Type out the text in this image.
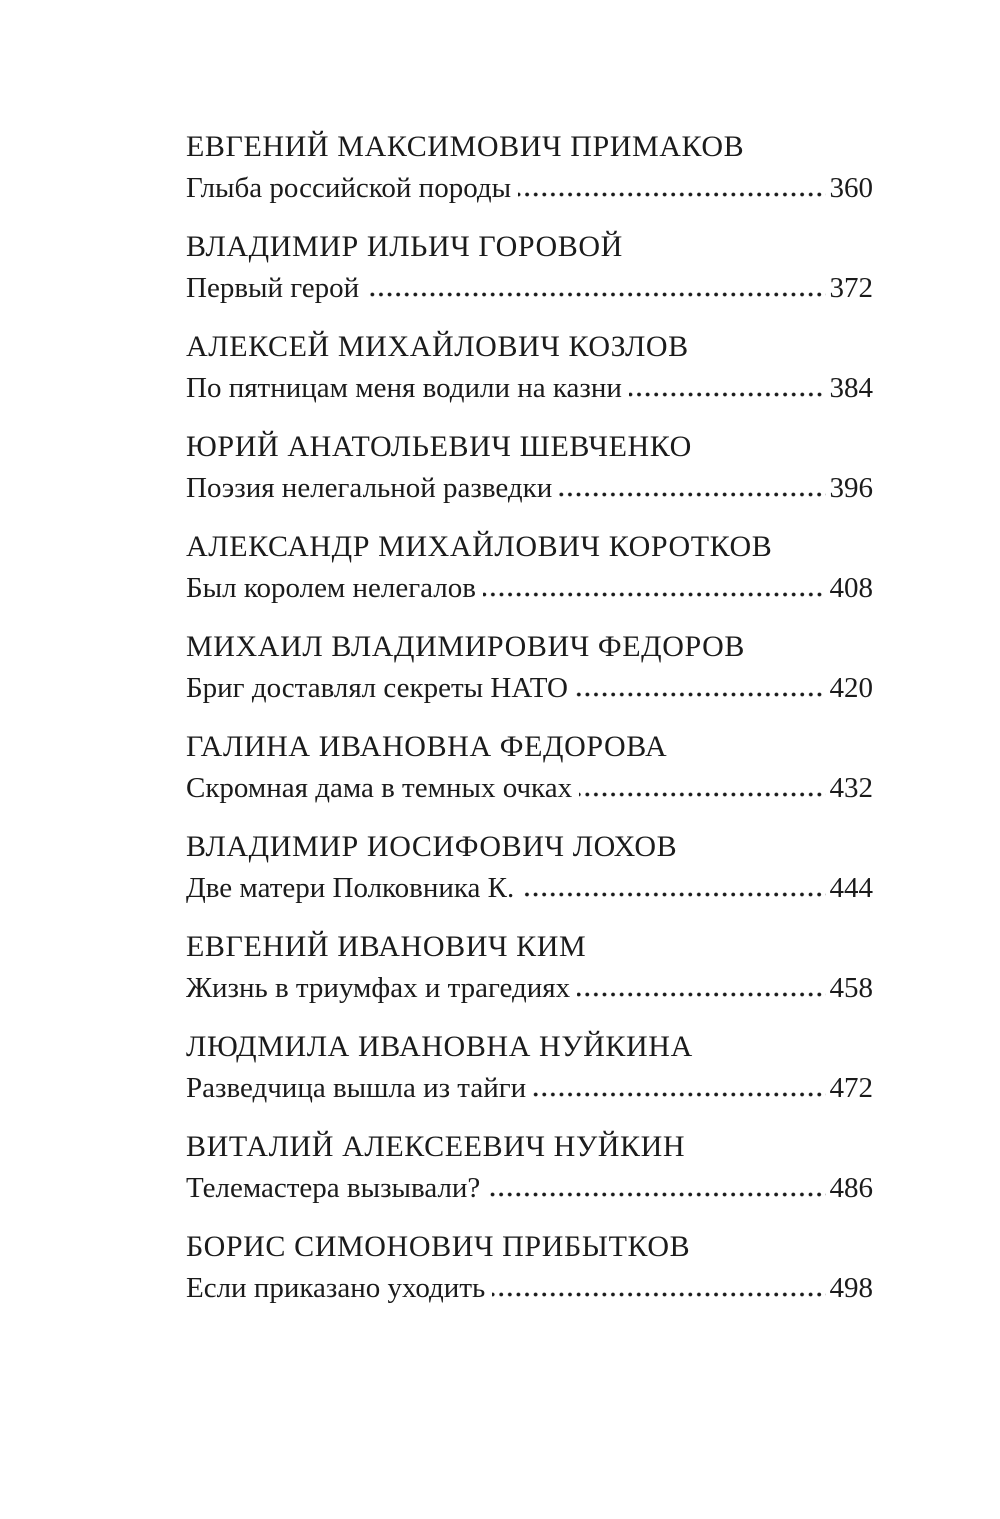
ЕВГЕНИЙ МАКСИМОВИЧ ПРИМАКОВ
Глыба российской породы	360
ВЛАДИМИР ИЛЬИЧ ГОРОВОЙ
Первый герой	372
АЛЕКСЕЙ МИХАЙЛОВИЧ КОЗЛОВ
По пятницам меня водили на казни	384
ЮРИЙ АНАТОЛЬЕВИЧ ШЕВЧЕНКО
Поэзия нелегальной разведки	396
АЛЕКСАНДР МИХАЙЛОВИЧ КОРОТКОВ
Был королем нелегалов	408
МИХАИЛ ВЛАДИМИРОВИЧ ФЕДОРОВ
Бриг доставлял секреты НАТО	420
ГАЛИНА ИВАНОВНА ФЕДОРОВА
Скромная дама в темных очках	432
ВЛАДИМИР ИОСИФОВИЧ ЛОХОВ
Две матери Полковника К.	444
ЕВГЕНИЙ ИВАНОВИЧ КИМ
Жизнь в триумфах и трагедиях	458
ЛЮДМИЛА ИВАНОВНА НУЙКИНА
Разведчица вышла из тайги	472
ВИТАЛИЙ АЛЕКСЕЕВИЧ НУЙКИН
Телемастера вызывали?	486
БОРИС СИМОНОВИЧ ПРИБЫТКОВ
Если приказано уходить	498
